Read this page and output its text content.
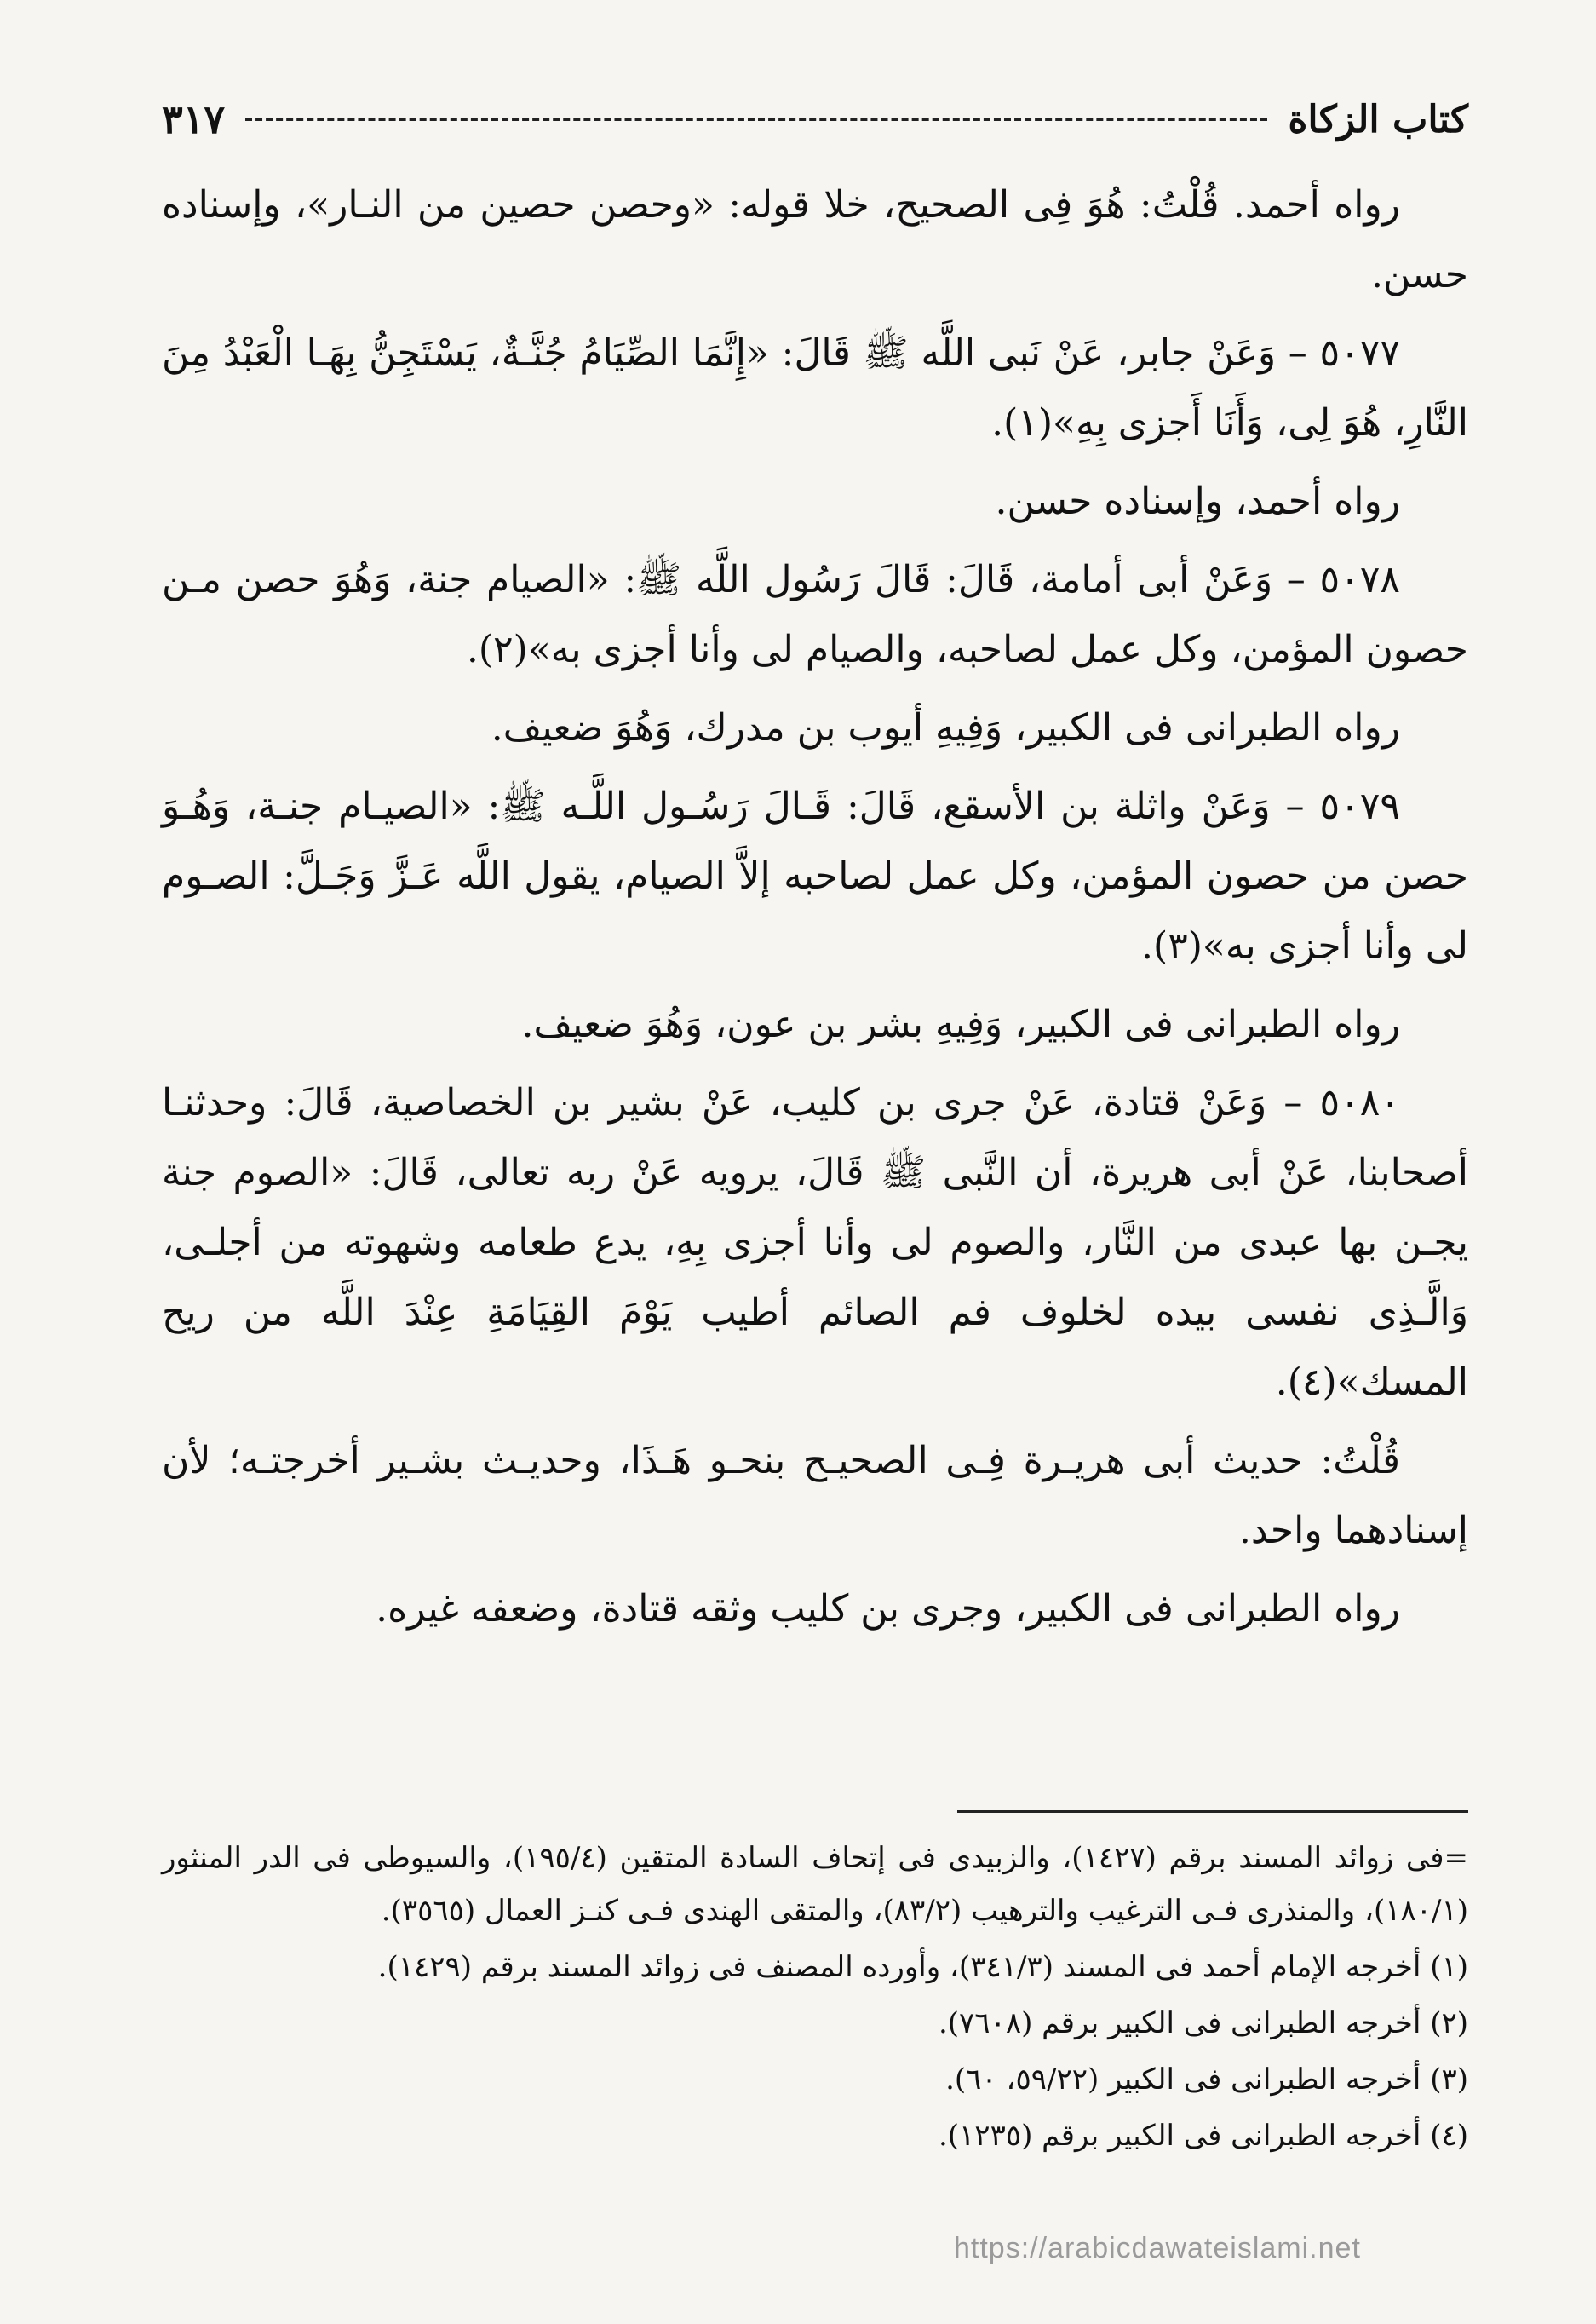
كتاب الزكاة
٣١٧

رواه أحمد. قُلْتُ: هُوَ فِى الصحيح، خلا قوله: «وحصن حصين من النـار»، وإسناده حسن.

٥٠٧٧ – وَعَنْ جابر، عَنْ نَبى اللَّه ﷺ قَالَ: «إِنَّمَا الصِّيَامُ جُنَّـةٌ، يَسْتَجِنُّ بِهَـا الْعَبْدُ مِنَ النَّارِ، هُوَ لِى، وَأَنَا أَجزى بِهِ»(١).

رواه أحمد، وإسناده حسن.

٥٠٧٨ – وَعَنْ أبى أمامة، قَالَ: قَالَ رَسُول اللَّه ﷺ: «الصيام جنة، وَهُوَ حصن مـن حصون المؤمن، وكل عمل لصاحبه، والصيام لى وأنا أجزى به»(٢).

رواه الطبرانى فى الكبير، وَفِيهِ أيوب بن مدرك، وَهُوَ ضعيف.

٥٠٧٩ – وَعَنْ واثلة بن الأسقع، قَالَ: قَـالَ رَسُـول اللَّـه ﷺ: «الصيـام جنـة، وَهُـوَ حصن من حصون المؤمن، وكل عمل لصاحبه إلاَّ الصيام، يقول اللَّه عَـزَّ وَجَـلَّ: الصـوم لى وأنا أجزى به»(٣).

رواه الطبرانى فى الكبير، وَفِيهِ بشر بن عون، وَهُوَ ضعيف.

٥٠٨٠ – وَعَنْ قتادة، عَنْ جرى بن كليب، عَنْ بشير بن الخصاصية، قَالَ: وحدثنـا أصحابنا، عَنْ أبى هريرة، أن النَّبى ﷺ قَالَ، يرويه عَنْ ربه تعالى، قَالَ: «الصوم جنة يجـن بها عبدى من النَّار، والصوم لى وأنا أجزى بِهِ، يدع طعامه وشهوته من أجلـى، وَالَّـذِى نفسى بيده لخلوف فم الصائم أطيب يَوْمَ القِيَامَةِ عِنْدَ اللَّه من ريح المسك»(٤).

قُلْتُ: حديث أبى هريـرة فِـى الصحيـح بنحـو هَـذَا، وحديـث بشـير أخرجتـه؛ لأن إسنادهما واحد.

رواه الطبرانى فى الكبير، وجرى بن كليب وثقه قتادة، وضعفه غيره.

=فى زوائد المسند برقم (١٤٢٧)، والزبيدى فى إتحاف السادة المتقين (١٩٥/٤)، والسيوطى فى الدر المنثور (١٨٠/١)، والمنذرى فـى الترغيب والترهيب (٨٣/٢)، والمتقى الهندى فـى كنـز العمال (٣٥٦٥).

(١) أخرجه الإمام أحمد فى المسند (٣٤١/٣)، وأورده المصنف فى زوائد المسند برقم (١٤٢٩).

(٢) أخرجه الطبرانى فى الكبير برقم (٧٦٠٨).

(٣) أخرجه الطبرانى فى الكبير (٥٩/٢٢، ٦٠).

(٤) أخرجه الطبرانى فى الكبير برقم (١٢٣٥).

https://arabicdawateislami.net
